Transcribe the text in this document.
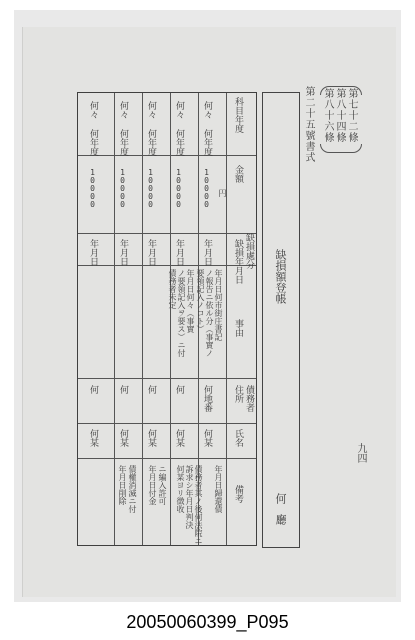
第七十二條
第八十四條
第八十六條
第二十五號書式
缺損額登帳
何廳
九四
科目年度
金額
円
缺損年月日 缺損處分
事由
債務者
住所
氏名
備考
何々
何年度
10000
年月日
何地番
何某
何々
何年度
10000
年月日
何
何某
何々
何年度
10000
年月日
何
何某
何々
何年度
10000
年月日
何
何某
何々
何年度
10000
年月日
何
何某
年月日何市街庄書記
ノ報告ニ依ル分（事實ノ
要領記入ノコト）
年月日何々（事實
ノ要領記入ヲ要ス）ニ付
債務者未定
年月日歸還債
債務者其ノ後何法院ニ
訴求シ年月日判決
何某ヨリ徴收
ニ編入許可
年月日付金
債權消滅ニ付
年月日削除
20050060399_P095
